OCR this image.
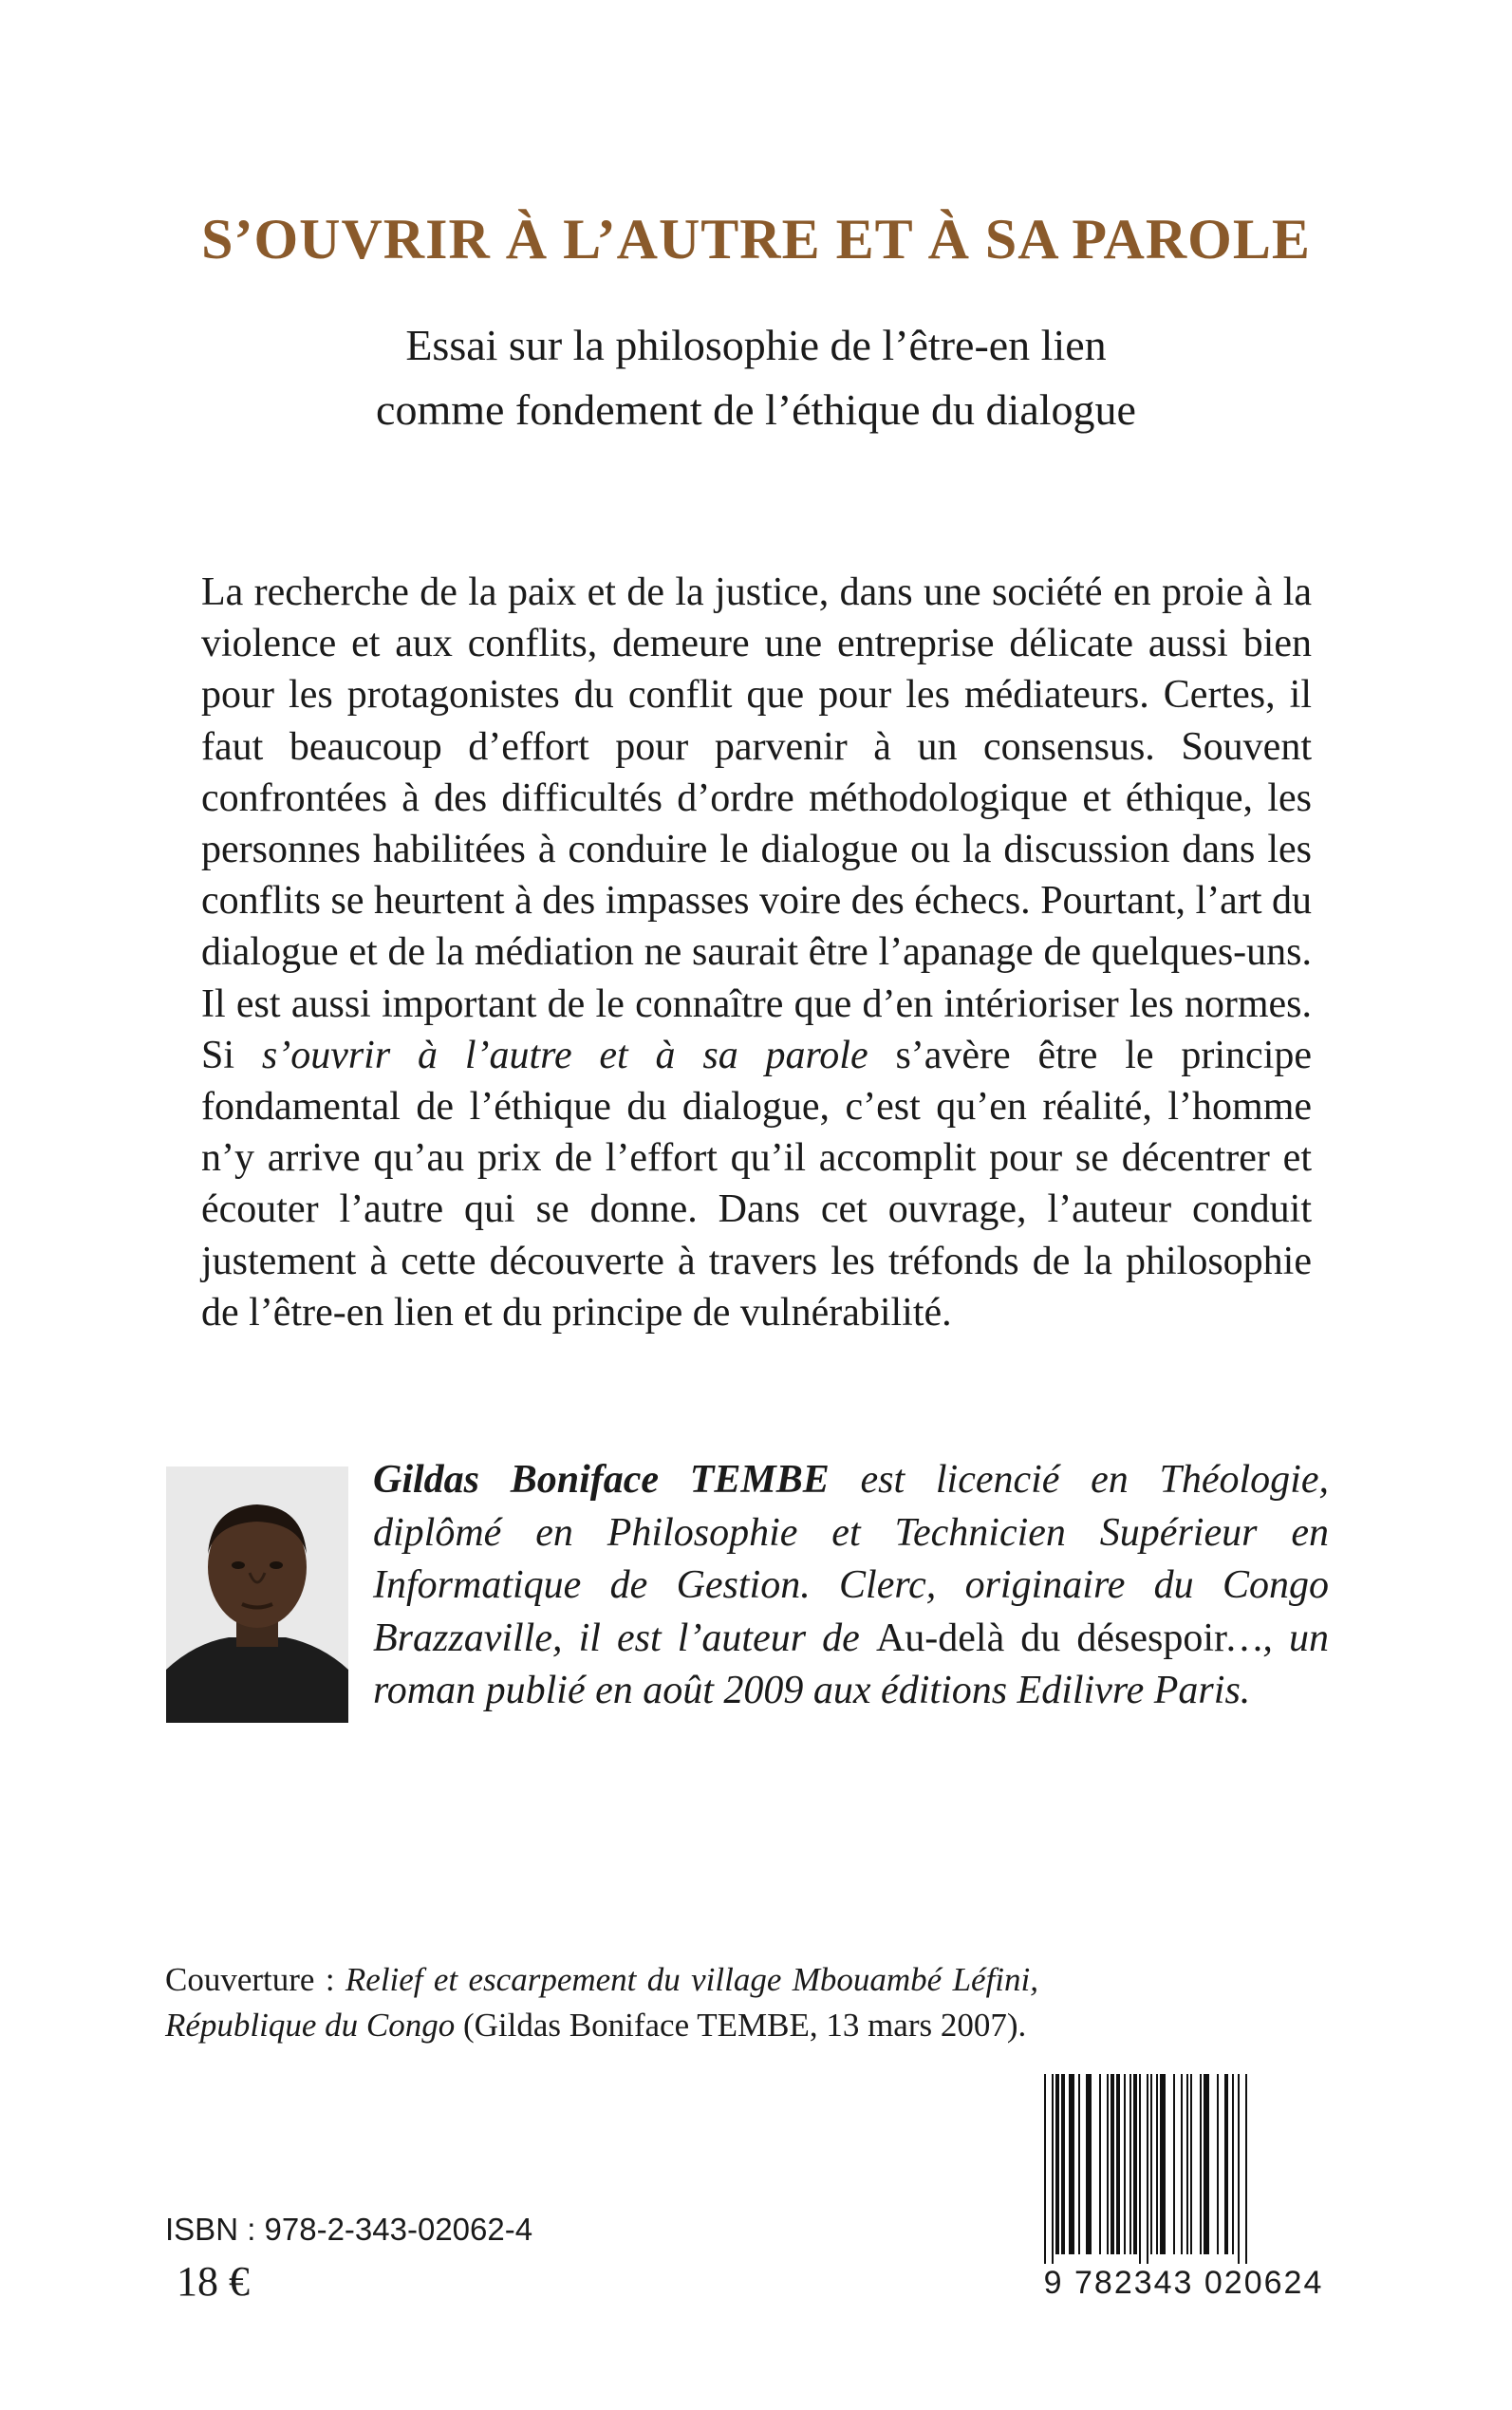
S’OUVRIR À L’AUTRE ET À SA PAROLE
Essai sur la philosophie de l’être-en lien
comme fondement de l’éthique du dialogue

La recherche de la paix et de la justice, dans une société en proie à la violence et aux conflits, demeure une entreprise délicate aussi bien pour les protagonistes du conflit que pour les médiateurs. Certes, il faut beaucoup d’effort pour parvenir à un consensus. Souvent confrontées à des difficultés d’ordre méthodologique et éthique, les personnes habilitées à conduire le dialogue ou la discussion dans les conflits se heurtent à des impasses voire des échecs. Pourtant, l’art du dialogue et de la médiation ne saurait être l’apanage de quelques-uns. Il est aussi important de le connaître que d’en intérioriser les normes. Si s’ouvrir à l’autre et à sa parole s’avère être le principe fondamental de l’éthique du dialogue, c’est qu’en réalité, l’homme n’y arrive qu’au prix de l’effort qu’il accomplit pour se décentrer et écouter l’autre qui se donne. Dans cet ouvrage, l’auteur conduit justement à cette découverte à travers les tréfonds de la philosophie de l’être-en lien et du principe de vulnérabilité.

Gildas Boniface TEMBE est licencié en Théologie, diplômé en Philosophie et Technicien Supérieur en Informatique de Gestion. Clerc, originaire du Congo Brazzaville, il est l’auteur de Au-delà du désespoir…, un roman publié en août 2009 aux éditions Edilivre Paris.
Couverture : Relief et escarpement du village Mbouambé Léfini, République du Congo (Gildas Boniface TEMBE, 13 mars 2007).
ISBN : 978-2-343-02062-4
18 €	9 782343 020624
